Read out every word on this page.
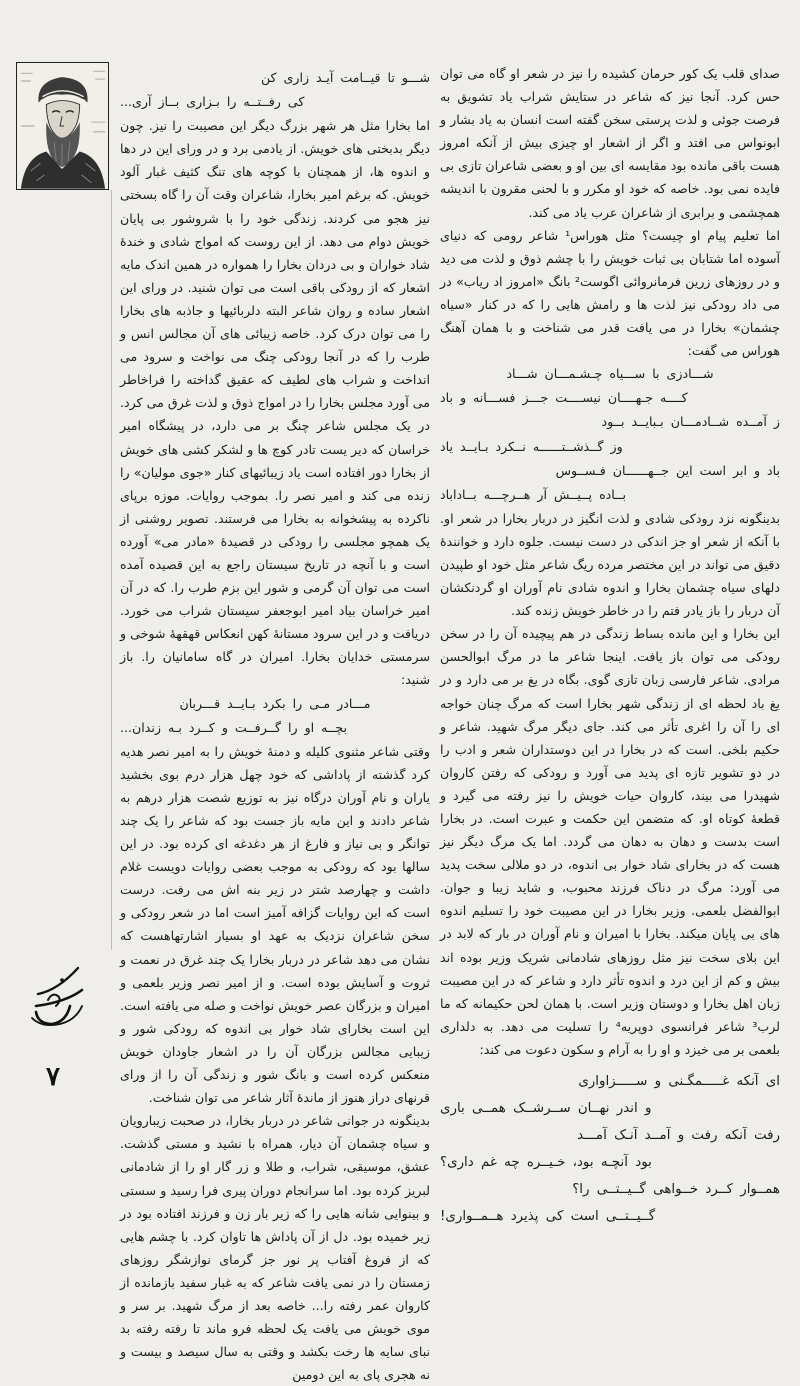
صدای قلب یک کور حرمان کشیده را نیز در شعر او گاه می توان حس کرد. آنجا نیز که شاعر در ستایش شراب یاد تشویق به فرصت جوئی و لذت پرستی سخن گفته است انسان به یاد بشار و ابونواس می افتد و اگر از اشعار او چیزی بیش از آنکه امروز هست باقی مانده بود مقایسه ای بین او و بعضی شاعران تازی بی فایده نمی بود. خاصه که خود او مکرر و با لحنی مقرون با اندیشه همچشمی و برابری از شاعران عرب یاد می کند.

اما تعلیم پیام او چیست؟ مثل هوراس¹ شاعر رومی که دنیای آسوده اما شتابان بی ثبات خویش را با چشم ذوق و لذت می دید و در روزهای زرین فرمانروائی اگوست² بانگ «امروز اد ریاب» در می داد رودکی نیز لذت ها و رامش هایی را که در کنار «سیاه چشمان» بخارا در می یافت قدر می شناخت و با همان آهنگ هوراس می گفت:

شـــادزی با ســـیاه چـشـمـــان شـــاد
کــــه جـهــــان نیســــت جـــز فســـانه و باد
ز آمــده شــادمـــان بـبایــد بــود
وز گــذشــتــــــه نــکرد بـایــد یاد
باد و ابر است این جــهــــــان فـســوس
بــاده پــیــش آر هــرچـــه بــاداباد

بدینگونه نزد رودکی شادی و لذت انگیز در دربار بخارا در شعر او. با آنکه از شعر او جز اندکی در دست نیست. جلوه دارد و خوانندهٔ دقیق می تواند در این مختصر مرده ریگ شاعر مثل خود او طپیدن دلهای سیاه چشمان بخارا و اندوه شادی نام آوران او گردنکشان آن دربار را باز یادر فتم را در خاطر خویش زنده کند.

این بخارا و این مانده بساط زندگی در هم پیچیده آن را در سخن رودکی می توان باز یافت. اینجا شاعر ما در مرگ ابوالحسن مرادی. شاعر فارسی زبان تازی گوی. بگاه در یغ بر می دارد و در یغ باد لحظه ای از زندگی شهر بخارا است که مرگ چنان خواجه ای را آن را اغری تأثر می کند. جای دیگر مرگ شهید. شاعر و حکیم بلخی. است که در بخارا در این دوستداران شعر و ادب را در دو تشویر تازه ای پدید می آورد و رودکی که رفتن کاروان شهیدرا می بیند، کاروان حیات خویش را نیز رفته می گیرد و قطعهٔ کوتاه او. که متضمن این حکمت و عبرت است. در بخارا است بدست و دهان به دهان می گردد. اما یک مرگ دیگر نیز هست که در بخارای شاد خوار بی اندوه، در دو ملالی سخت پدید می آورد: مرگ در دناک فرزند محبوب، و شاید زیبا و جوان. ابوالفضل بلعمی. وزیر بخارا در این مصیبت خود را تسلیم اندوه های بی پایان میکند. بخارا با امیران و نام آوران در بار که لابد در این بلای سخت نیز مثل روزهای شادمانی شریک وزیر بوده اند بیش و کم از این درد و اندوه تأثر دارد و شاعر که در این مصیبت زبان اهل بخارا و دوستان وزیر است. با همان لحن حکیمانه که ما لرب³ شاعر فرانسوی دوپریه⁴ را تسلیت می دهد. به دلداری بلعمی بر می خیزد و او را به آرام و سکون دعوت می کند:

ای آنکه غـــــمگـنی و ســـــزاواری
و اندر نهــان ســرشــک همــی باری
رفت آنکه رفت و آمــد آنـک آمـــد
بود آنچـه بود، خـیــره چه غم داری؟
همــوار کــرد خــواهی گــیــتــی را؟
گــیــتــی است کی پذیرد هــمــواری!
شـــو تا قیــامت آیـد زاری کن
کی رفــتــه را بـزاری بــاز آری...

اما بخارا مثل هر شهر بزرگ دیگر این مصیبت را نیز. چون دیگر بدبختی های خویش. از یادمی برد و در ورای این در دها و اندوه ها، از همچنان با کوچه های تنگ کثیف غبار آلود خویش. که برغم امیر بخارا، شاعران وقت آن را گاه بسختی نیز هجو می کردند. زندگی خود را با شروشور بی پایان خویش دوام می دهد. از این روست که امواج شادی و خندهٔ شاد خواران و بی دردان بخارا را همواره در همین اندک مایه اشعار که از رودکی باقی است می توان شنید. در ورای این اشعار ساده و روان شاعر البته دلربائیها و جاذبه های بخارا را می توان درک کرد. خاصه زیبائی های آن مجالس انس و طرب را که در آنجا رودکی چنگ می نواخت و سرود می انداخت و شراب های لطیف که عقیق گداخته را فراخاطر می آورد مجلس بخارا را در امواج ذوق و لذت غرق می کرد. در یک مجلس شاعر چنگ بر می دارد، در پیشگاه امیر خراسان که دیر یست تادر کوچ ها و لشکر کشی های خویش از بخارا دور افتاده است یاد زیبائیهای کنار «جوی مولیان» را زنده می کند و امیر نصر را. بموجب روایات. موزه برپای ناکرده به پیشخوانه به بخارا می فرستند. تصویر روشنی از یک همچو مجلسی را رودکی در قصیدهٔ «مادر می» آورده است و با آنچه در تاریخ سیستان راجع به این قصیده آمده است می توان آن گرمی و شور این بزم طرب را. که در آن امیر خراسان بیاد امیر ابوجعفر سیستان شراب می خورد. دریافت و در این سرود مستانهٔ کهن انعکاس قهقههٔ شوخی و سرمستی خدایان بخارا. امیران در گاه سامانیان را. باز شنید:

مـــادر مـی را بکرد بـایــد قـــربان
بچــه او را گــرفــت و کــرد بـه زندان...

وقتی شاعر مثنوی کلیله و دمنهٔ خویش را به امیر نصر هدیه کرد گذشته از پاداشی که خود چهل هزار درم بوی بخشید یاران و نام آوران درگاه نیز به توزیع شصت هزار درهم به شاعر دادند و این مایه باز جست بود که شاعر را یک چند توانگر و بی نیاز و فارغ از هر دغدغه ای کرده بود. در این سالها بود که رودکی به موجب بعضی روایات دویست غلام داشت و چهارصد شتر در زیر بنه اش می رفت. درست است که این روایات گزافه آمیز است اما در شعر رودکی و سخن شاعران نزدیک به عهد او بسیار اشارتهاهست که نشان می دهد شاعر در دربار بخارا یک چند غرق در نعمت و ثروت و آسایش بوده است. و از امیر نصر وزیر بلعمی و امیران و بزرگان عصر خویش نواخت و صله می یافته است. این است بخارای شاد خوار بی اندوه که رودکی شور و زیبایی مجالس بزرگان آن را در اشعار جاودان خویش منعکس کرده است و بانگ شور و زندگی آن را از ورای قرنهای دراز هنوز از ماندهٔ آثار شاعر می توان شناخت.

بدینگونه در جوانی شاعر در دربار بخارا، در صحبت زیبارویان و سیاه چشمان آن دیار، همراه با نشید و مستی گذشت. عشق، موسیقی، شراب، و طلا و زر گار او را از شادمانی لبریز کرده بود. اما سرانجام دوران پیری فرا رسید و سستی و بینوایی شانه هایی را که زیر بار زن و فرزند افتاده بود در زیر خمیده بود. دل از آن پاداش ها تاوان کرد. با چشم هایی که از فروغ آفتاب پر نور جز گرمای نوازشگر روزهای زمستان را در نمی یافت شاعر که به غبار سفید بازمانده از کاروان عمر رفته را... خاصه بعد از مرگ شهید. بر سر و موی خویش می یافت یک لحظه فرو ماند تا رفته رفته بد نبای سایه ها رخت بکشد و وقتی به سال سیصد و بیست و نه هجری پای به این دومین

۷
